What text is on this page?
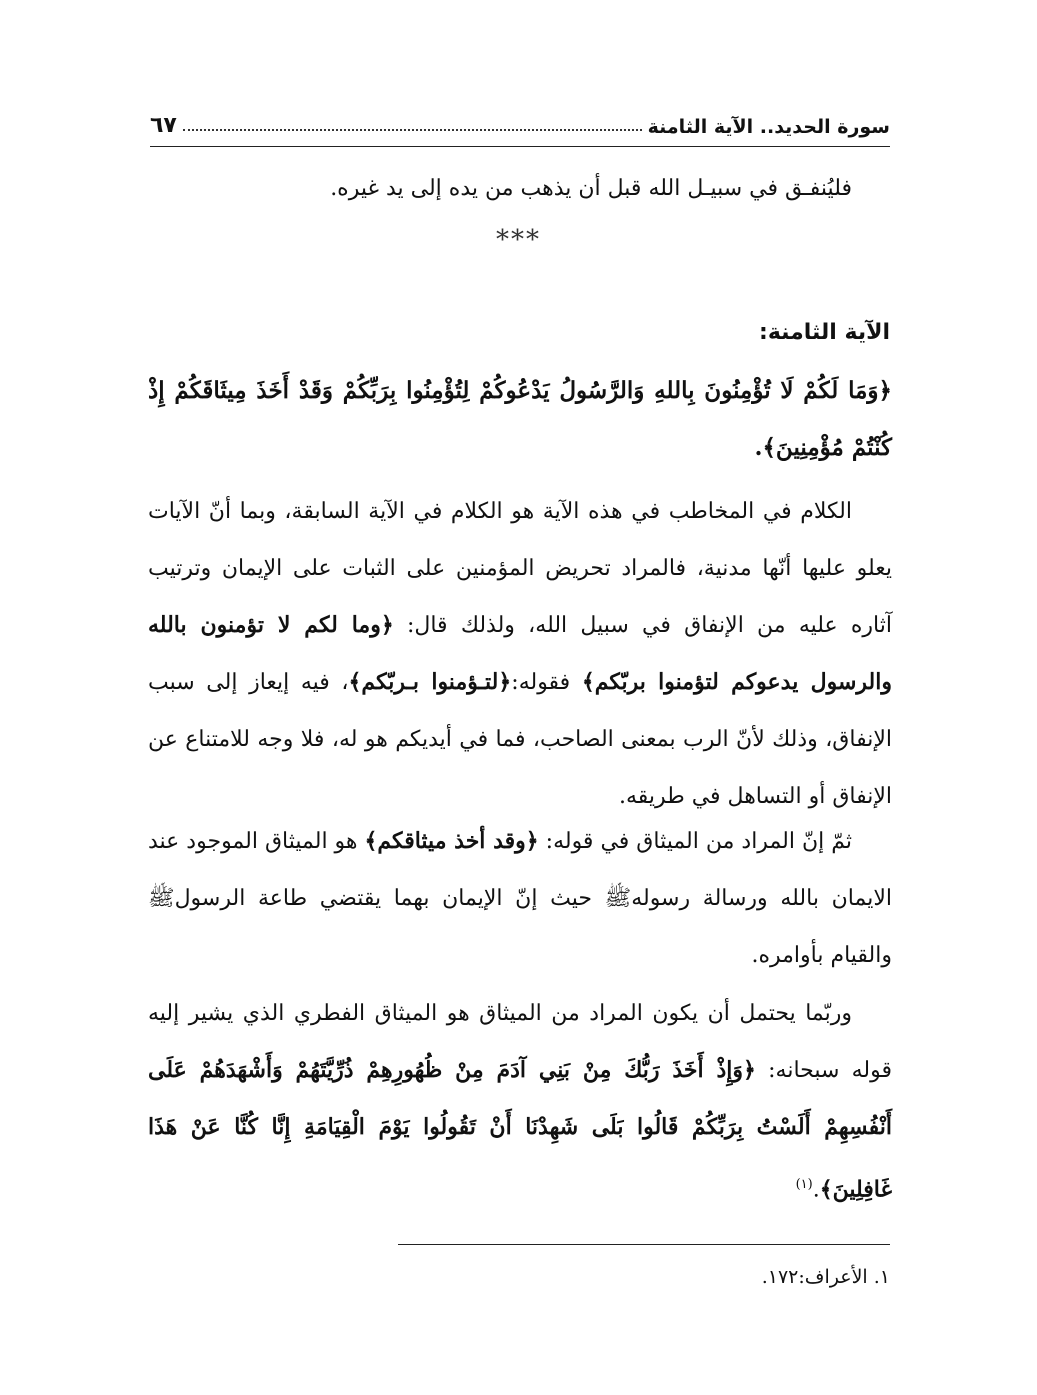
سورة الحديد.. الآية الثامنة
٦٧

فليُنفـق في سبيـل الله قبل أن يذهب من يده إلى يد غيره.

***
الآية الثامنة:
﴿وَمَا لَكُمْ لَا تُؤْمِنُونَ بِاللهِ وَالرَّسُولُ يَدْعُوكُمْ لِتُؤْمِنُوا بِرَبِّكُمْ وَقَدْ أَخَذَ مِيثَاقَكُمْ إِذْ كُنْتُمْ مُؤْمِنِينَ﴾.

الكلام في المخاطب في هذه الآية هو الكلام في الآية السابقة، وبما أنّ الآيات يعلو عليها أنّها مدنية، فالمراد تحريض المؤمنين على الثبات على الإيمان وترتيب آثاره عليه من الإنفاق في سبيل الله، ولذلك قال: ﴿وما لكم لا تؤمنون بالله والرسول يدعوكم لتؤمنوا بربّكم﴾ فقوله:﴿لتـؤمنوا بـربّكم﴾، فيه إيعاز إلى سبب الإنفاق، وذلك لأنّ الرب بمعنى الصاحب، فما في أيديكم هو له، فلا وجه للامتناع عن الإنفاق أو التساهل في طريقه.

ثمّ إنّ المراد من الميثاق في قوله: ﴿وقد أخذ ميثاقكم﴾ هو الميثاق الموجود عند الايمان بالله ورسالة رسولهﷺ حيث إنّ الإيمان بهما يقتضي طاعة الرسولﷺ والقيام بأوامره.

وربّما يحتمل أن يكون المراد من الميثاق هو الميثاق الفطري الذي يشير إليه قوله سبحانه: ﴿وَإِذْ أَخَذَ رَبُّكَ مِنْ بَنِي آدَمَ مِنْ ظُهُورِهِمْ ذُرِّيَّتَهُمْ وَأَشْهَدَهُمْ عَلَى أَنْفُسِهِمْ أَلَسْتُ بِرَبِّكُمْ قَالُوا بَلَى شَهِدْنَا أَنْ تَقُولُوا يَوْمَ الْقِيَامَةِ إِنَّا كُنَّا عَنْ هَذَا غَافِلِينَ﴾.$^{(١)}$

١. الأعراف:١٧٢.
